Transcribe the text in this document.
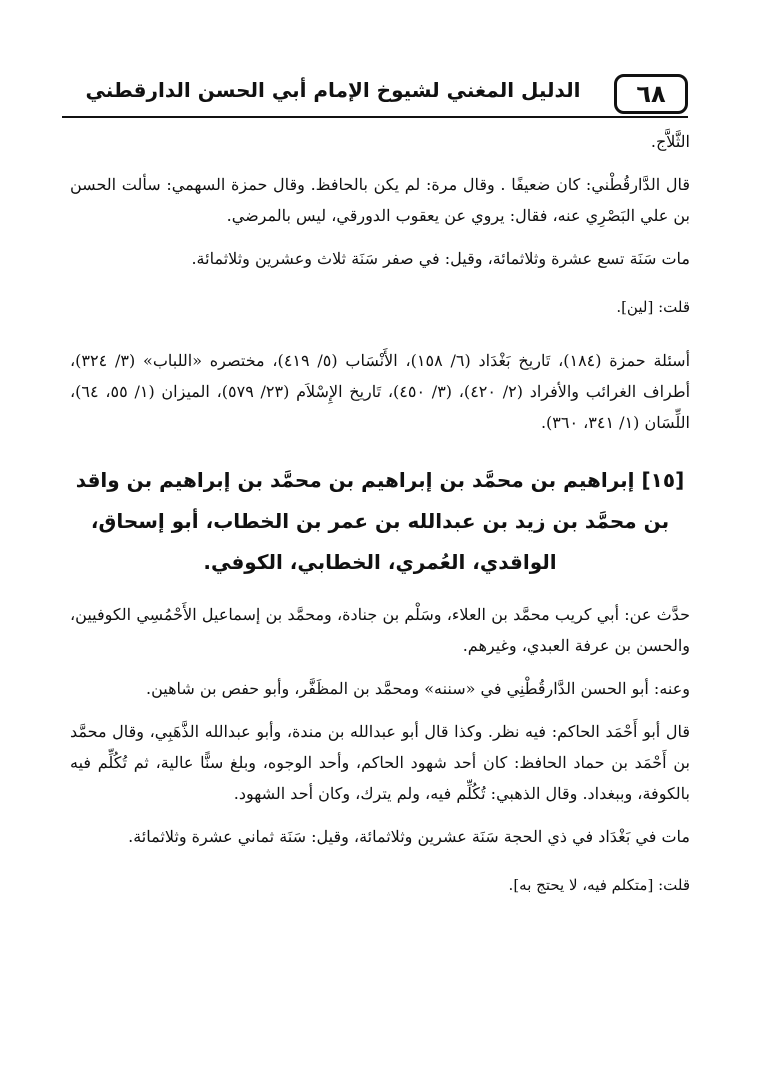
٦٨
الدليل المغني لشيوخ الإمام أبي الحسن الدارقطني

الثَّلاَّج.

قال الدَّارقُطْني: كان ضعيفًا . وقال مرة: لم يكن بالحافظ. وقال حمزة السهمي: سألت الحسن بن علي البَصْرِي عنه، فقال: يروي عن يعقوب الدورقي، ليس بالمرضي.

مات سَنَة تسع عشرة وثلاثمائة، وقيل: في صفر سَنَة ثلاث وعشرين وثلاثمائة.

قلت: [لين].

أسئلة حمزة (١٨٤)، تَاريخ بَغْدَاد (٦/ ١٥٨)، الأَنْسَاب (٥/ ٤١٩)، مختصره «اللباب» (٣/ ٣٢٤)، أطراف الغرائب والأفراد (٢/ ٤٢٠)، (٣/ ٤٥٠)، تَاريخ الإِسْلاَم (٢٣/ ٥٧٩)، الميزان (١/ ٥٥، ٦٤)، اللِّسَان (١/ ٣٤١، ٣٦٠).

[١٥] إبراهيم بن محمَّد بن إبراهيم بن محمَّد بن إبراهيم بن واقد بن محمَّد بن زيد بن عبدالله بن عمر بن الخطاب، أبو إسحاق، الواقدي، العُمري، الخطابي، الكوفي.

حدَّث عن: أبي كريب محمَّد بن العلاء، وسَلْم بن جنادة، ومحمَّد بن إسماعيل الأَحْمُسِي الكوفيين، والحسن بن عرفة العبدي، وغيرهم.

وعنه: أبو الحسن الدَّارقُطْنِي في «سننه» ومحمَّد بن المظَفَّر، وأبو حفص بن شاهين.

قال أبو أَحْمَد الحاكم: فيه نظر. وكذا قال أبو عبدالله بن مندة، وأبو عبدالله الذَّهَبِي، وقال محمَّد بن أَحْمَد بن حماد الحافظ: كان أحد شهود الحاكم، وأحد الوجوه، وبلغ سنًّا عالية، ثم تُكُلِّم فيه بالكوفة، وببغداد. وقال الذهبي: تُكُلِّم فيه، ولم يترك، وكان أحد الشهود.

مات في بَغْدَاد في ذي الحجة سَنَة عشرين وثلاثمائة، وقيل: سَنَة ثماني عشرة وثلاثمائة.

قلت: [متكلم فيه، لا يحتج به].
